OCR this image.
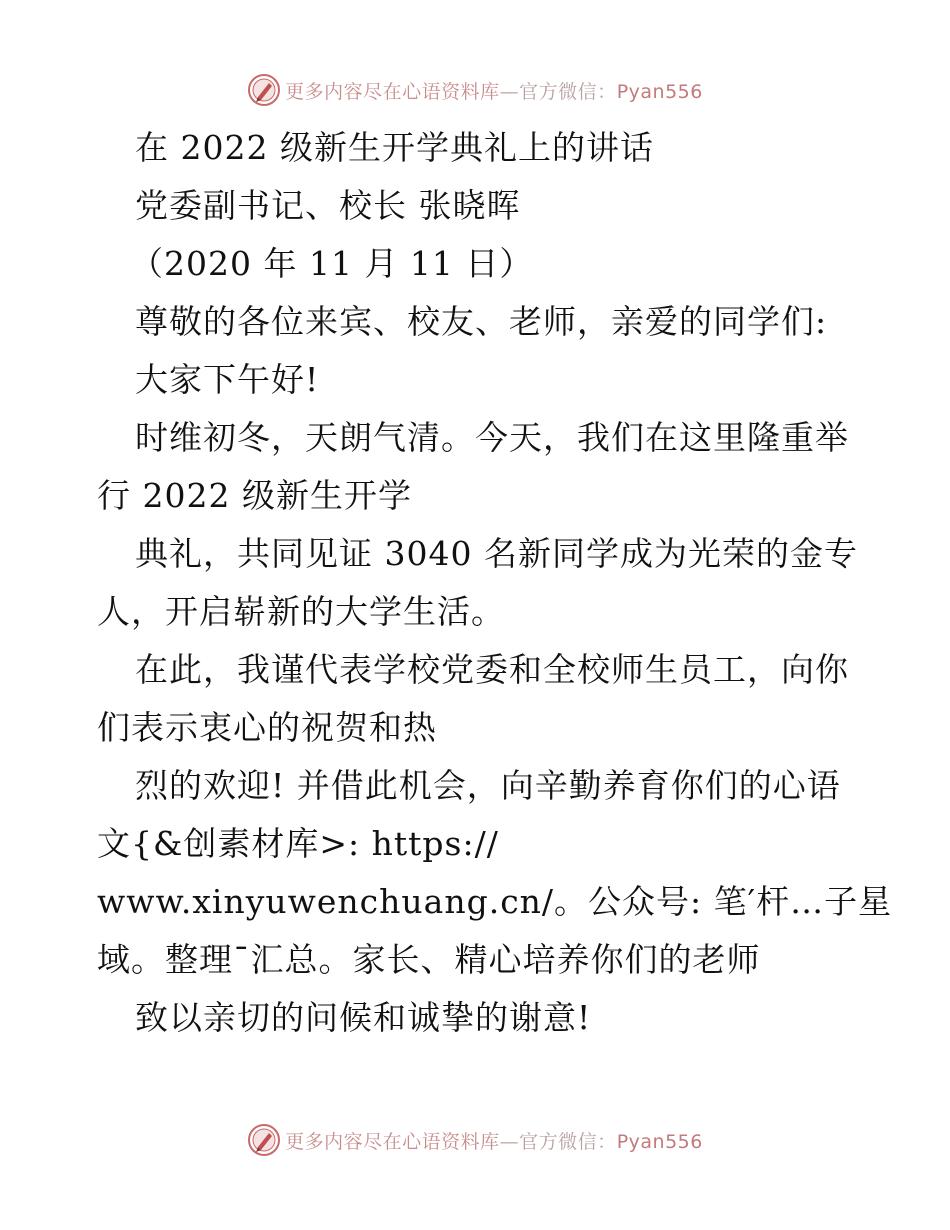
更多内容尽在心语资料库—官方微信：Pyan556
在 2022 级新生开学典礼上的讲话
党委副书记、校长 张晓晖
（2020 年 11 月 11 日）
尊敬的各位来宾、校友、老师，亲爱的同学们:
大家下午好!
时维初冬，天朗气清。今天，我们在这里隆重举
行 2022 级新生开学
典礼，共同见证 3040 名新同学成为光荣的金专
人，开启崭新的大学生活。
在此，我谨代表学校党委和全校师生员工，向你
们表示衷心的祝贺和热
烈的欢迎! 并借此机会，向辛勤养育你们的心语
文{&创素材库>: https://
www.xinyuwenchuang.cn/。公众号: 笔′杆…子星
域。整理¯汇总。家长、精心培养你们的老师
致以亲切的问候和诚挚的谢意!
更多内容尽在心语资料库—官方微信：Pyan556
